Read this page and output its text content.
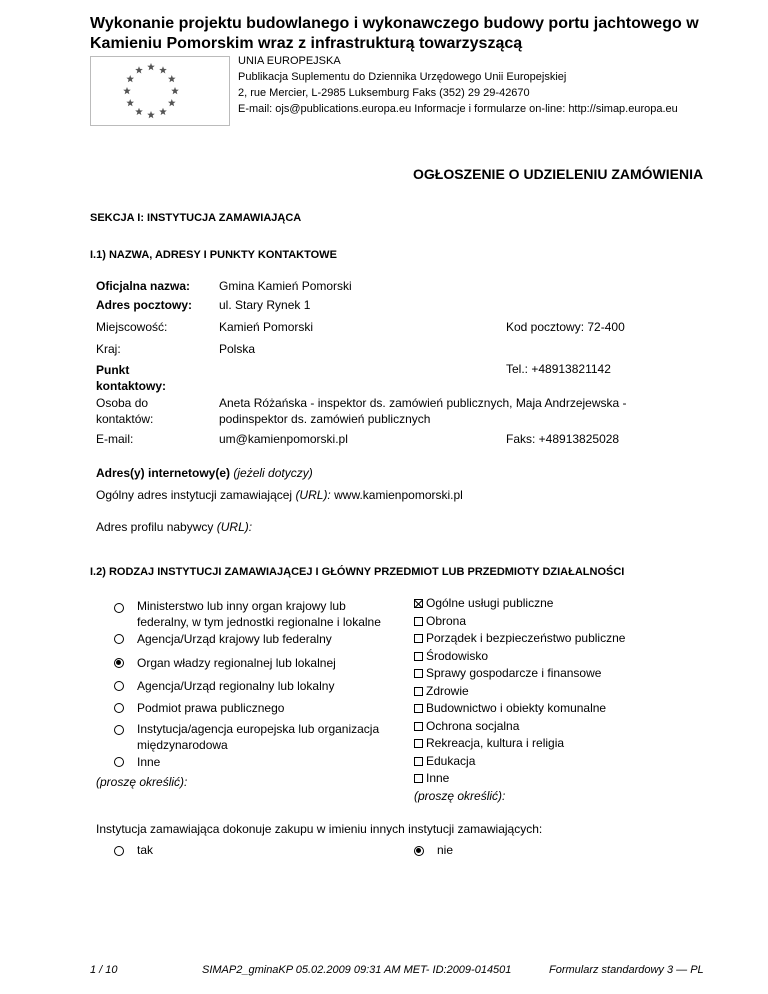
Wykonanie projektu budowlanego i wykonawczego budowy portu jachtowego w Kamieniu Pomorskim wraz z infrastrukturą towarzyszącą
UNIA EUROPEJSKA
Publikacja Suplementu do Dziennika Urzędowego Unii Europejskiej
2, rue Mercier, L-2985 Luksemburg Faks (352) 29 29-42670
E-mail: ojs@publications.europa.eu Informacje i formularze on-line: http://simap.europa.eu
OGŁOSZENIE O UDZIELENIU ZAMÓWIENIA
SEKCJA I: INSTYTUCJA ZAMAWIAJĄCA
I.1) NAZWA, ADRESY I PUNKTY KONTAKTOWE
Oficjalna nazwa: Gmina Kamień Pomorski
Adres pocztowy: ul. Stary Rynek 1
Miejscowość:	Kamień Pomorski	Kod pocztowy: 72-400
Kraj:	Polska
Punkt kontaktowy:
Tel.: +48913821142
Osoba do kontaktów:
Aneta Różańska - inspektor ds. zamówień publicznych, Maja Andrzejewska - podinspektor ds. zamówień publicznych
E-mail:	um@kamienpomorski.pl	Faks: +48913825028
Adres(y) internetowy(e) (jeżeli dotyczy)
Ogólny adres instytucji zamawiającej (URL): www.kamienpomorski.pl
Adres profilu nabywcy (URL):
I.2) RODZAJ INSTYTUCJI ZAMAWIAJĄCEJ I GŁÓWNY PRZEDMIOT LUB PRZEDMIOTY DZIAŁALNOŚCI
Ministerstwo lub inny organ krajowy lub federalny, w tym jednostki regionalne i lokalne
Agencja/Urząd krajowy lub federalny
Organ władzy regionalnej lub lokalnej
Agencja/Urząd regionalny lub lokalny
Podmiot prawa publicznego
Instytucja/agencja europejska lub organizacja międzynarodowa
Inne
(proszę określić):
Ogólne usługi publiczne
Obrona
Porządek i bezpieczeństwo publiczne
Środowisko
Sprawy gospodarcze i finansowe
Zdrowie
Budownictwo i obiekty komunalne
Ochrona socjalna
Rekreacja, kultura i religia
Edukacja
Inne
(proszę określić):
Instytucja zamawiająca dokonuje zakupu w imieniu innych instytucji zamawiających:
tak	nie
1 / 10	SIMAP2_gminaKP 05.02.2009 09:31 AM MET- ID:2009-014501	Formularz standardowy 3 — PL
